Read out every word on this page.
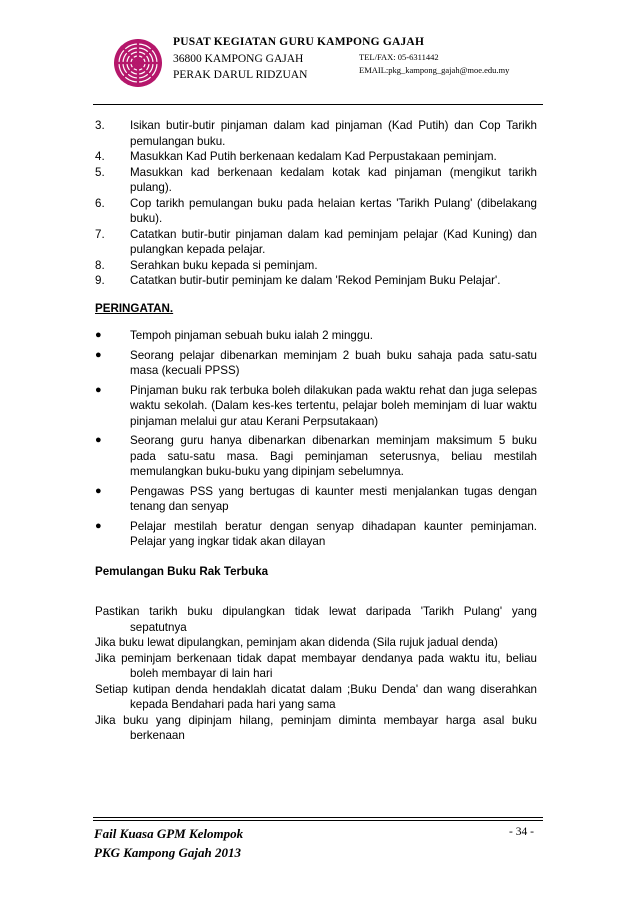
PUSAT KEGIATAN GURU KAMPONG GAJAH
36800 KAMPONG GAJAH
PERAK DARUL RIDZUAN
TEL/FAX: 05-6311442
EMAIL:pkg_kampong_gajah@moe.edu.my
3.	Isikan butir-butir pinjaman dalam kad pinjaman (Kad Putih) dan Cop Tarikh pemulangan buku.
4.	Masukkan Kad Putih berkenaan kedalam Kad Perpustakaan peminjam.
5.	Masukkan kad berkenaan kedalam kotak kad pinjaman (mengikut tarikh pulang).
6.	Cop tarikh pemulangan buku pada helaian kertas 'Tarikh Pulang' (dibelakang buku).
7.	Catatkan butir-butir pinjaman dalam kad peminjam pelajar (Kad Kuning) dan pulangkan kepada pelajar.
8.	Serahkan buku kepada si peminjam.
9.	Catatkan butir-butir peminjam ke dalam 'Rekod Peminjam Buku Pelajar'.
PERINGATAN.
●	Tempoh pinjaman sebuah buku ialah 2 minggu.
●	Seorang pelajar dibenarkan meminjam 2 buah buku sahaja pada satu-satu masa (kecuali PPSS)
●	Pinjaman buku rak terbuka boleh dilakukan pada waktu rehat dan juga selepas waktu sekolah. (Dalam kes-kes tertentu, pelajar boleh meminjam di luar waktu pinjaman melalui gur atau Kerani Perpsutakaan)
●	Seorang guru hanya dibenarkan dibenarkan meminjam maksimum 5 buku pada satu-satu masa. Bagi peminjaman seterusnya, beliau mestilah memulangkan buku-buku yang dipinjam sebelumnya.
●	Pengawas PSS yang bertugas di kaunter mesti menjalankan tugas dengan tenang dan senyap
●	Pelajar mestilah beratur dengan senyap dihadapan kaunter peminjaman. Pelajar yang ingkar tidak akan dilayan
Pemulangan Buku Rak Terbuka
Pastikan tarikh buku dipulangkan tidak lewat daripada 'Tarikh Pulang' yang sepatutnya
Jika buku lewat dipulangkan, peminjam akan didenda (Sila rujuk jadual denda)
Jika peminjam berkenaan tidak dapat membayar dendanya pada waktu itu, beliau boleh membayar di lain hari
Setiap kutipan denda hendaklah dicatat dalam ;Buku Denda' dan wang diserahkan kepada Bendahari pada hari yang sama
Jika buku yang dipinjam hilang, peminjam diminta membayar harga asal buku berkenaan
Fail Kuasa GPM Kelompok
PKG Kampong Gajah 2013
- 34 -
